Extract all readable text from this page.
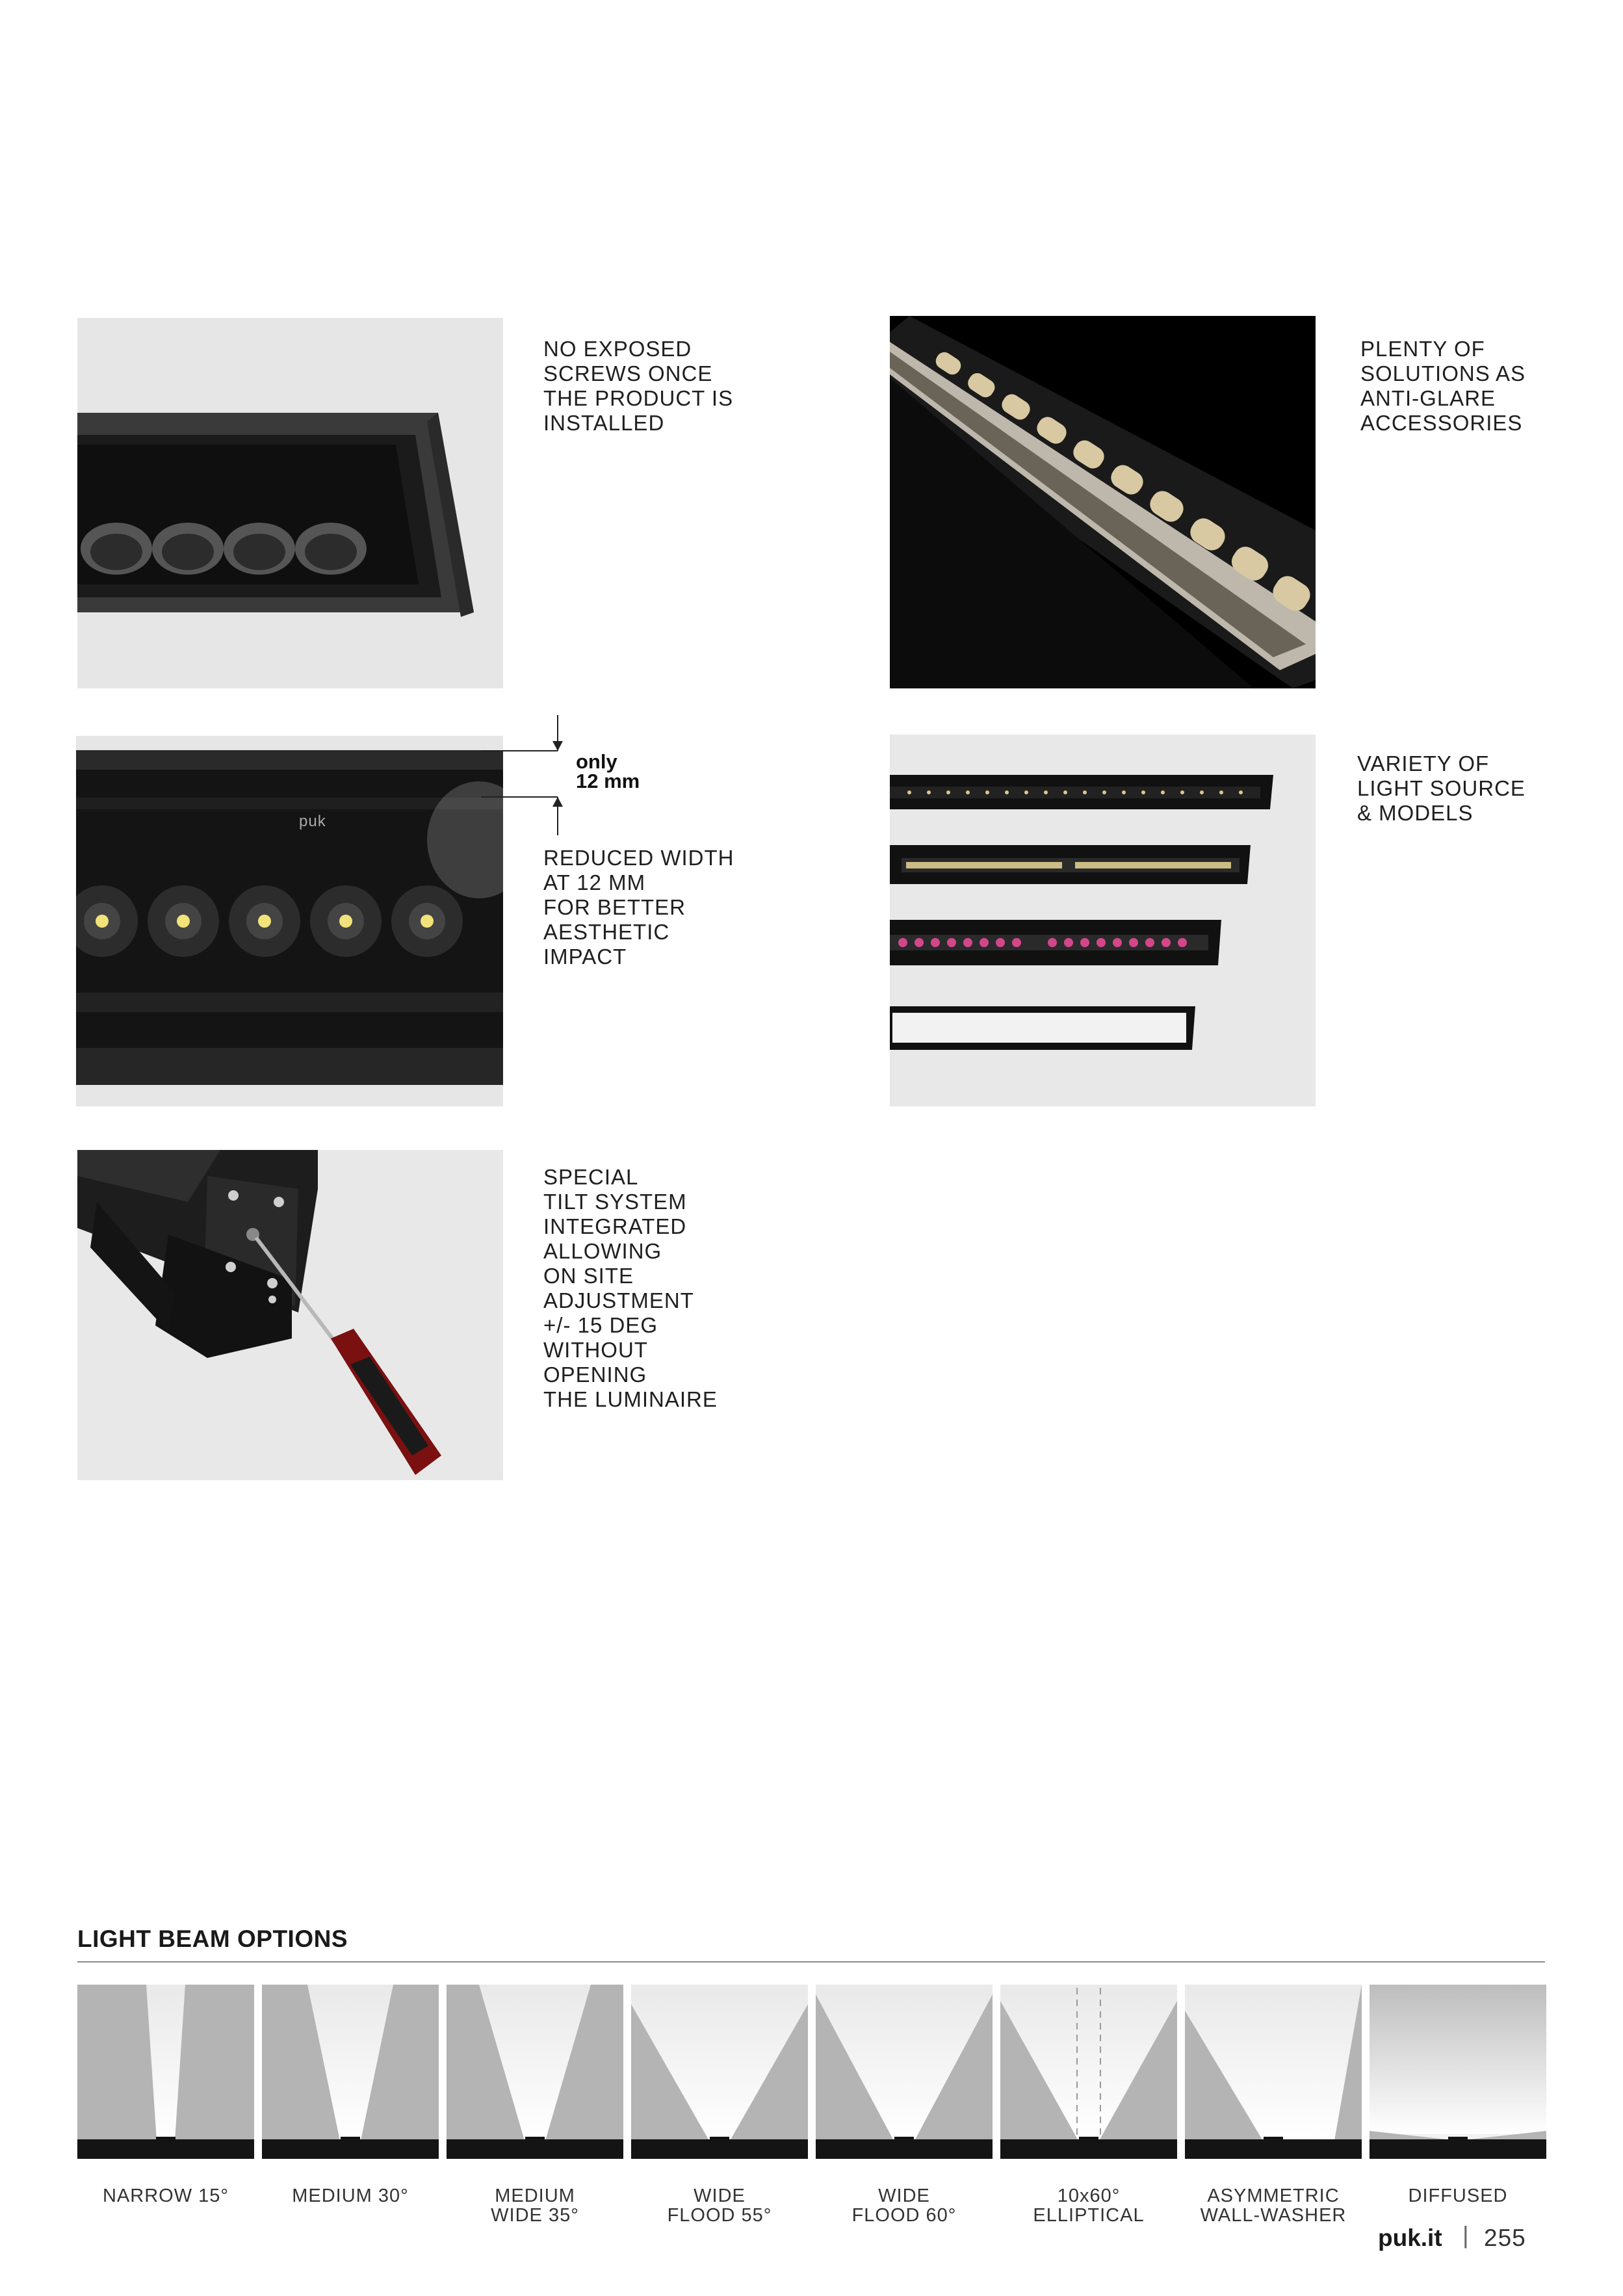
NO EXPOSED
SCREWS ONCE
THE PRODUCT IS
INSTALLED
PLENTY OF
SOLUTIONS AS
ANTI-GLARE
ACCESSORIES
puk
only
12 mm
REDUCED WIDTH
AT 12 MM
FOR BETTER
AESTHETIC
IMPACT
VARIETY OF
LIGHT SOURCE
& MODELS
SPECIAL
TILT SYSTEM
INTEGRATED
ALLOWING
ON SITE
ADJUSTMENT
+/- 15 DEG
WITHOUT
OPENING
THE LUMINAIRE
LIGHT BEAM OPTIONS
NARROW 15°	MEDIUM 30°	MEDIUM
WIDE 35°
WIDE
FLOOD 55°
WIDE
FLOOD 60°
10x60°
ELLIPTICAL
ASYMMETRIC
WALL-WASHER
DIFFUSED
puk.it | 255
